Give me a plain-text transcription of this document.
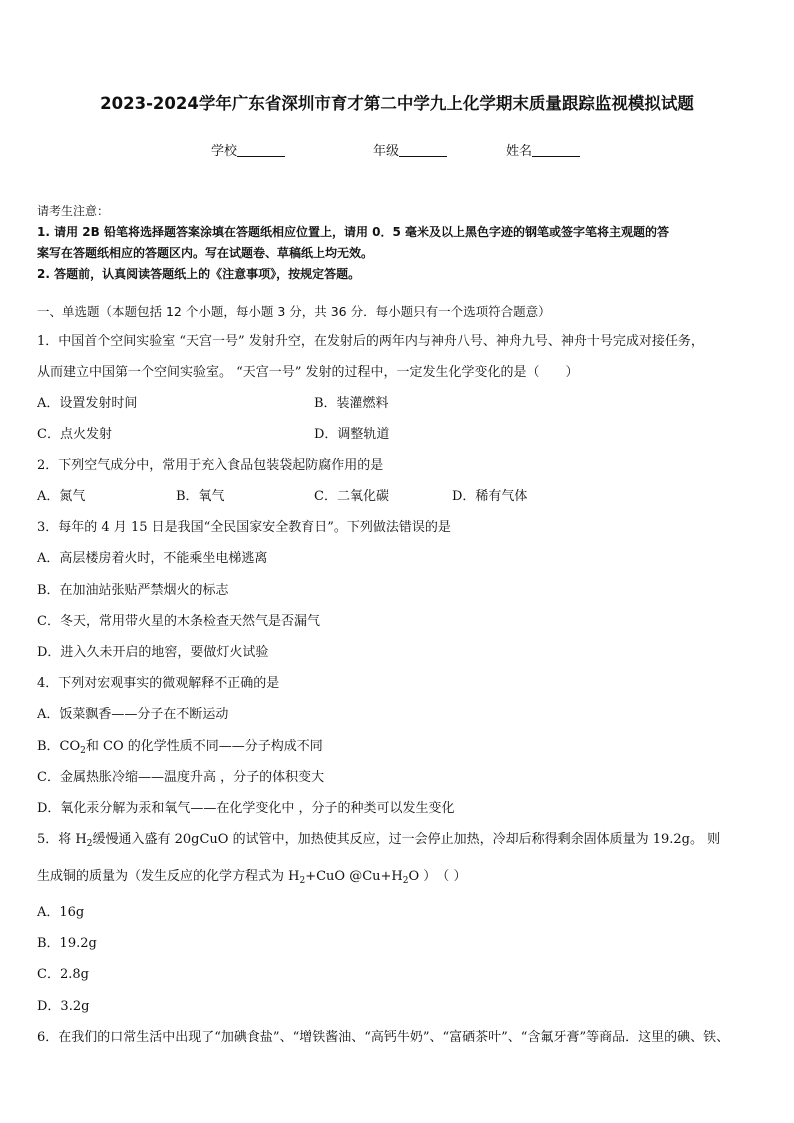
2023-2024学年广东省深圳市育才第二中学九上化学期末质量跟踪监视模拟试题
学校	年级	姓名
请考生注意：
1. 请用 2B 铅笔将选择题答案涂填在答题纸相应位置上，请用 0．5 毫米及以上黑色字迹的钢笔或签字笔将主观题的答
案写在答题纸相应的答题区内。写在试题卷、草稿纸上均无效。
2. 答题前，认真阅读答题纸上的《注意事项》，按规定答题。
一、单选题（本题包括 12 个小题，每小题 3 分，共 36 分．每小题只有一个选项符合题意）
1．中国首个空间实验室 “天宫一号” 发射升空，在发射后的两年内与神舟八号、神舟九号、神舟十号完成对接任务，
从而建立中国第一个空间实验室。 “天宫一号” 发射的过程中，一定发生化学变化的是（　　）
A．设置发射时间	B．装灌燃料
C．点火发射	D．调整轨道
2．下列空气成分中，常用于充入食品包装袋起防腐作用的是
A．氮气	B．氧气	C．二氧化碳	D．稀有气体
3．每年的 4 月 15 日是我国“全民国家安全教育日”。下列做法错误的是
A．高层楼房着火时，不能乘坐电梯逃离
B．在加油站张贴严禁烟火的标志
C．冬天，常用带火星的木条检查天然气是否漏气
D．进入久未开启的地窖，要做灯火试验
4．下列对宏观事实的微观解释不正确的是
A．饭菜飘香——分子在不断运动
B．$CO_2$和 CO 的化学性质不同——分子构成不同
C．金属热胀冷缩——温度升高 ，分子的体积变大
D．氧化汞分解为汞和氧气——在化学变化中 ，分子的种类可以发生变化
5．将 $H_2$缓慢通入盛有 20gCuO 的试管中，加热使其反应，过一会停止加热，冷却后称得剩余固体质量为 19.2g。 则
生成铜的质量为（发生反应的化学方程式为 $H_2+CuO$ $@Cu+H_2O$ ）　（ ）
A．16g
B．19.2g
C．2.8g
D．3.2g
6．在我们的口常生活中出现了“加碘食盐”、“增铁酱油、“高钙牛奶”、“富硒茶叶”、“含氟牙膏”等商品．这里的碘、铁、
